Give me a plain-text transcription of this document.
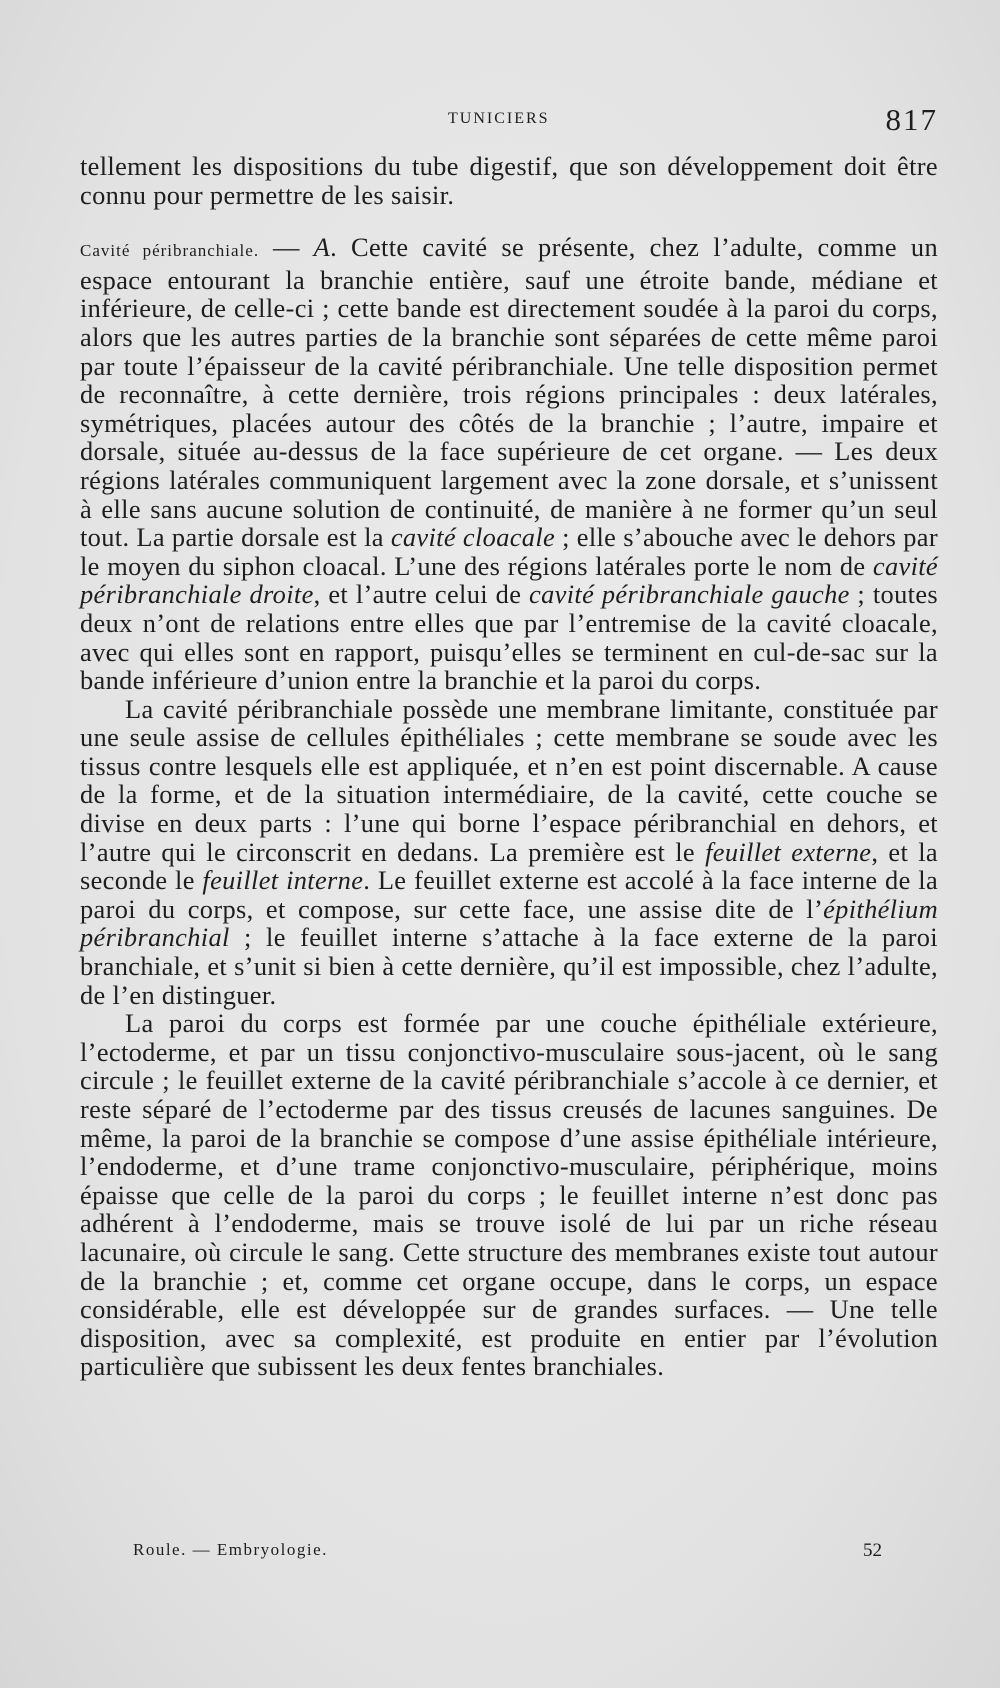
TUNICIERS	817

tellement les dispositions du tube digestif, que son développement doit être connu pour permettre de les saisir.

Cavité péribranchiale. — A. Cette cavité se présente, chez l’adulte, comme un espace entourant la branchie entière, sauf une étroite bande, médiane et inférieure, de celle-ci ; cette bande est directement soudée à la paroi du corps, alors que les autres parties de la branchie sont séparées de cette même paroi par toute l’épaisseur de la cavité péribranchiale. Une telle disposition permet de reconnaître, à cette dernière, trois régions principales : deux latérales, symétriques, placées autour des côtés de la branchie ; l’autre, impaire et dorsale, située au-dessus de la face supérieure de cet organe. — Les deux régions latérales communiquent largement avec la zone dorsale, et s’unissent à elle sans aucune solution de continuité, de manière à ne former qu’un seul tout. La partie dorsale est la cavité cloacale ; elle s’abouche avec le dehors par le moyen du siphon cloacal. L’une des régions latérales porte le nom de cavité péribranchiale droite, et l’autre celui de cavité péribranchiale gauche ; toutes deux n’ont de relations entre elles que par l’entremise de la cavité cloacale, avec qui elles sont en rapport, puisqu’elles se terminent en cul-de-sac sur la bande inférieure d’union entre la branchie et la paroi du corps.

La cavité péribranchiale possède une membrane limitante, constituée par une seule assise de cellules épithéliales ; cette membrane se soude avec les tissus contre lesquels elle est appliquée, et n’en est point discernable. A cause de la forme, et de la situation intermédiaire, de la cavité, cette couche se divise en deux parts : l’une qui borne l’espace péribranchial en dehors, et l’autre qui le circonscrit en dedans. La première est le feuillet externe, et la seconde le feuillet interne. Le feuillet externe est accolé à la face interne de la paroi du corps, et compose, sur cette face, une assise dite de l’épithélium péribranchial ; le feuillet interne s’attache à la face externe de la paroi branchiale, et s’unit si bien à cette dernière, qu’il est impossible, chez l’adulte, de l’en distinguer.

La paroi du corps est formée par une couche épithéliale extérieure, l’ectoderme, et par un tissu conjonctivo-musculaire sous-jacent, où le sang circule ; le feuillet externe de la cavité péribranchiale s’accole à ce dernier, et reste séparé de l’ectoderme par des tissus creusés de lacunes sanguines. De même, la paroi de la branchie se compose d’une assise épithéliale intérieure, l’endoderme, et d’une trame conjonctivo-musculaire, périphérique, moins épaisse que celle de la paroi du corps ; le feuillet interne n’est donc pas adhérent à l’endoderme, mais se trouve isolé de lui par un riche réseau lacunaire, où circule le sang. Cette structure des membranes existe tout autour de la branchie ; et, comme cet organe occupe, dans le corps, un espace considérable, elle est développée sur de grandes surfaces. — Une telle disposition, avec sa complexité, est produite en entier par l’évolution particulière que subissent les deux fentes branchiales.

Roule. — Embryologie.	52
